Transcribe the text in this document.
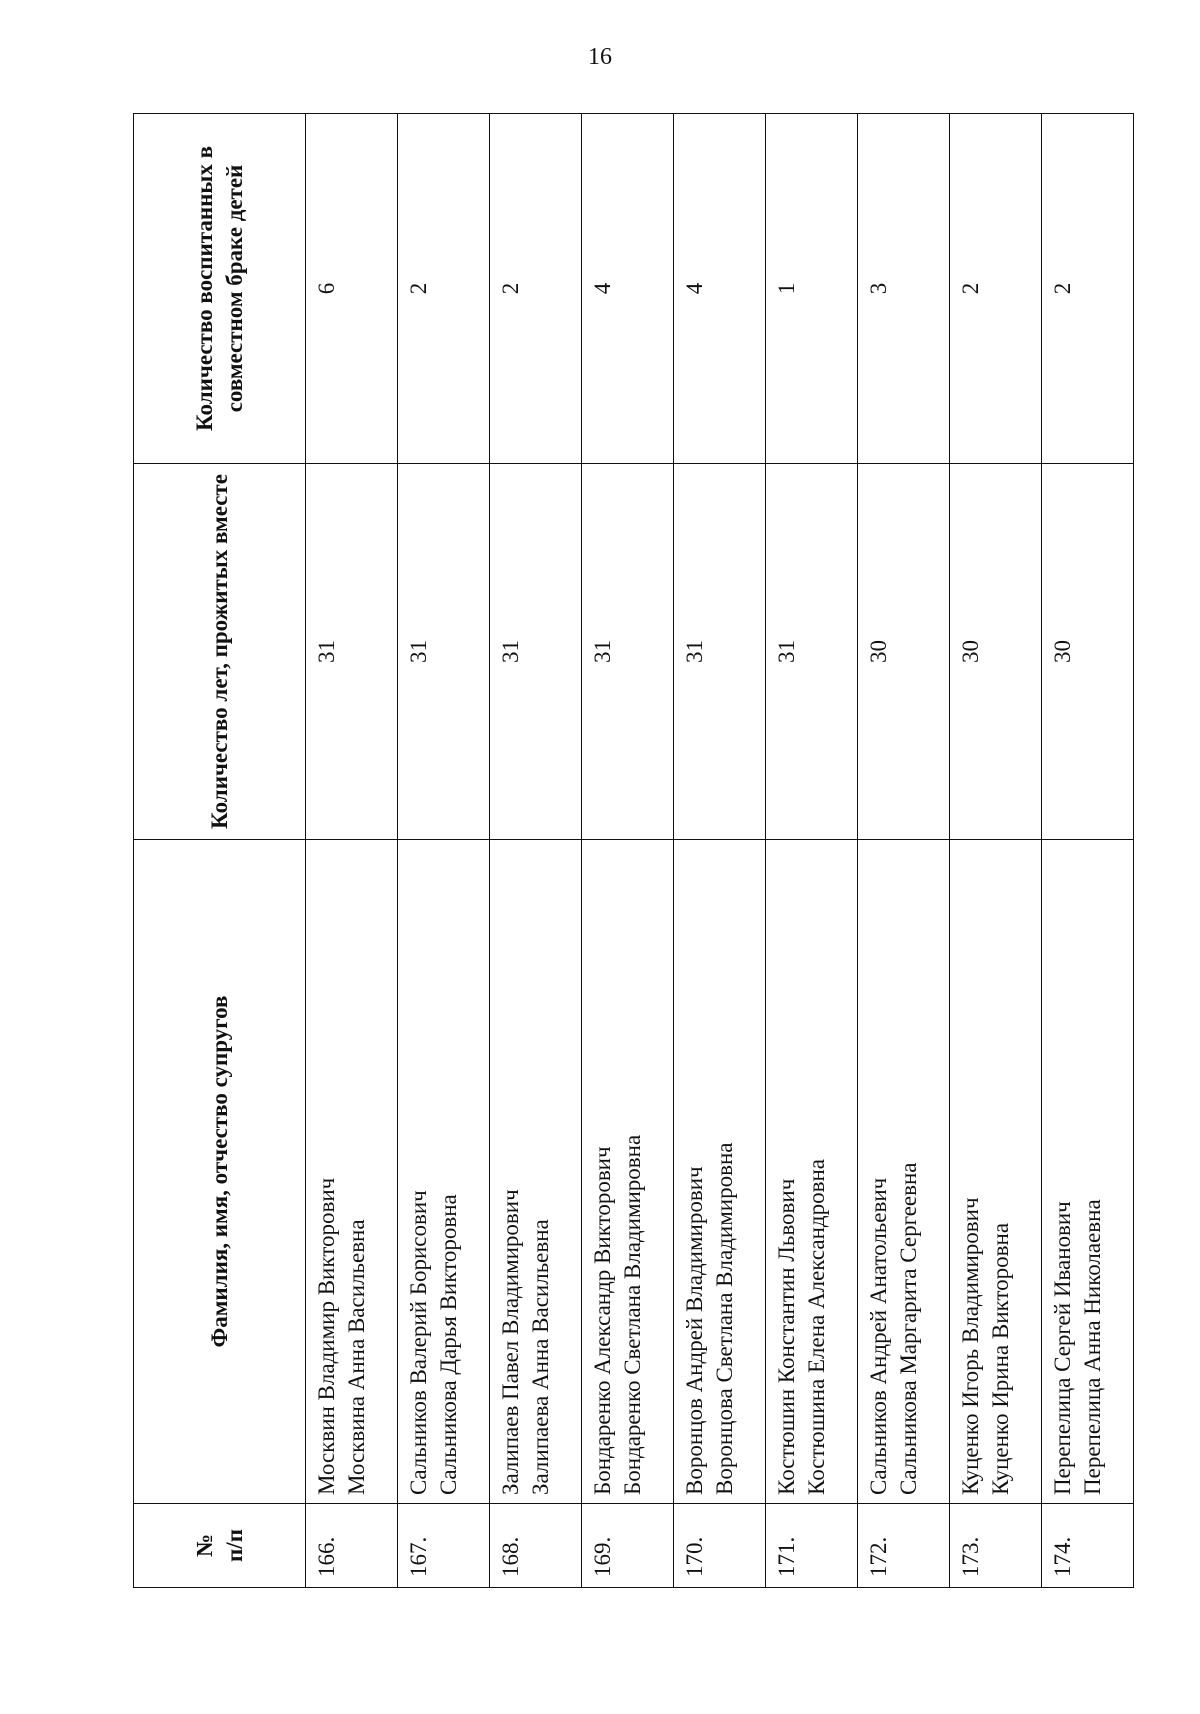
16
№ п/п	Фамилия, имя, отчество супругов	Количество лет, прожитых вместе	Количество воспитанных в совместном браке детей
166.	Москвин Владимир Викторович Москвина Анна Васильевна	31	6
167.	Сальников Валерий Борисович Сальникова Дарья Викторовна	31	2
168.	Залипаев Павел Владимирович Залипаева Анна Васильевна	31	2
169.	Бондаренко Александр Викторович Бондаренко Светлана Владимировна	31	4
170.	Воронцов Андрей Владимирович Воронцова Светлана Владимировна	31	4
171.	Костюшин Константин Львович Костюшина Елена Александровна	31	1
172.	Сальников Андрей Анатольевич Сальникова Маргарита Сергеевна	30	3
173.	Куценко Игорь Владимирович Куценко Ирина Викторовна	30	2
174.	Перепелица Сергей Иванович Перепелица Анна Николаевна	30	2
